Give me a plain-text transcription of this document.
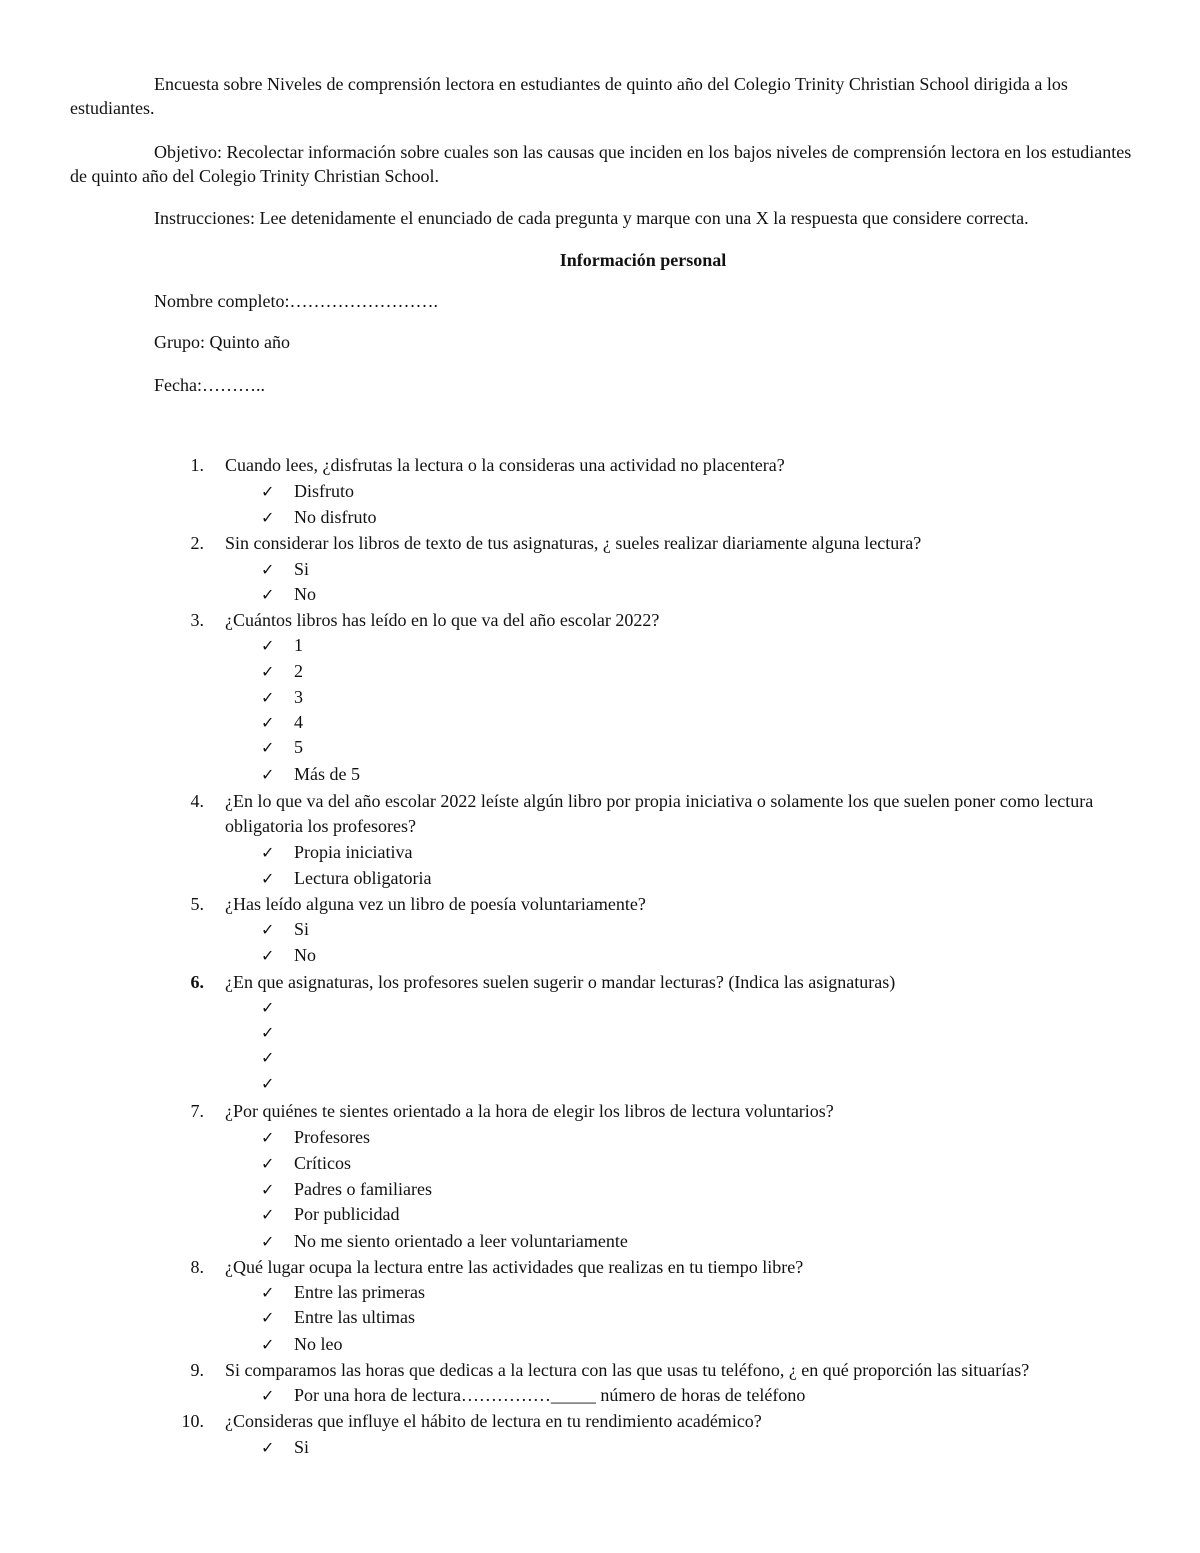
Encuesta sobre Niveles de comprensión lectora en estudiantes de quinto año del Colegio Trinity Christian School dirigida a los estudiantes.

Objetivo: Recolectar información sobre cuales son las causas que inciden en los bajos niveles de comprensión lectora en los estudiantes de quinto año del Colegio Trinity Christian School.

Instrucciones: Lee detenidamente el enunciado de cada pregunta y marque con una X la respuesta que considere correcta.

Información personal

Nombre completo:…………………….

Grupo: Quinto año

Fecha:………..

1. Cuando lees, ¿disfrutas la lectura o la consideras una actividad no placentera?
✓ Disfruto
✓ No disfruto
2. Sin considerar los libros de texto de tus asignaturas, ¿ sueles realizar diariamente alguna lectura?
✓ Si
✓ No
3. ¿Cuántos libros has leído en lo que va del año escolar 2022?
✓ 1
✓ 2
✓ 3
✓ 4
✓ 5
✓ Más de 5
4. ¿En lo que va del año escolar 2022 leíste algún libro por propia iniciativa o solamente los que suelen poner como lectura obligatoria los profesores?
✓ Propia iniciativa
✓ Lectura obligatoria
5. ¿Has leído alguna vez un libro de poesía voluntariamente?
✓ Si
✓ No
6. ¿En que asignaturas, los profesores suelen sugerir o mandar lecturas? (Indica las asignaturas)
✓
✓
✓
✓
7. ¿Por quiénes te sientes orientado a la hora de elegir los libros de lectura voluntarios?
✓ Profesores
✓ Críticos
✓ Padres o familiares
✓ Por publicidad
✓ No me siento orientado a leer voluntariamente
8. ¿Qué lugar ocupa la lectura entre las actividades que realizas en tu tiempo libre?
✓ Entre las primeras
✓ Entre las ultimas
✓ No leo
9. Si comparamos las horas que dedicas a la lectura con las que usas tu teléfono, ¿ en qué proporción las situarías?
✓ Por una hora de lectura……………_____ número de horas de teléfono
10. ¿Consideras que influye el hábito de lectura en tu rendimiento académico?
✓ Si
